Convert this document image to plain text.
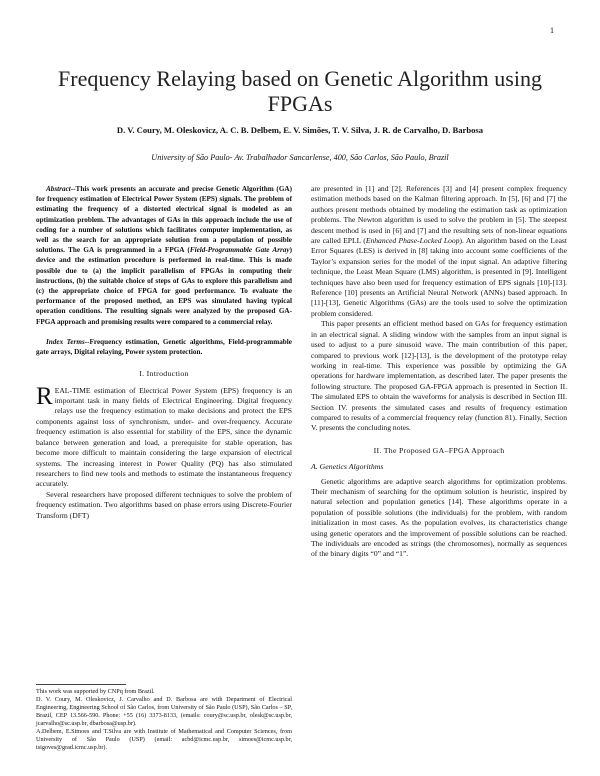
1
Frequency Relaying based on Genetic Algorithm using FPGAs
D. V. Coury, M. Oleskovicz, A. C. B. Delbem, E. V. Simões, T. V. Silva, J. R. de Carvalho, D. Barbosa
University of São Paulo- Av. Trabalhador Sancarlense, 400, São Carlos, São Paulo, Brazil

Abstract--This work presents an accurate and precise Genetic Algorithm (GA) for frequency estimation of Electrical Power System (EPS) signals. The problem of estimating the frequency of a distorted electrical signal is modeled as an optimization problem. The advantages of GAs in this approach include the use of coding for a number of solutions which facilitates computer implementation, as well as the search for an appropriate solution from a population of possible solutions. The GA is programmed in a FPGA (Field-Programmable Gate Array) device and the estimation procedure is performed in real-time. This is made possible due to (a) the implicit parallelism of FPGAs in computing their instructions, (b) the suitable choice of steps of GAs to explore this parallelism and (c) the appropriate choice of FPGA for good performance. To evaluate the performance of the proposed method, an EPS was simulated having typical operation conditions. The resulting signals were analyzed by the proposed GA-FPGA approach and promising results were compared to a commercial relay.

Index Terms--Frequency estimation, Genetic algorithms, Field-programmable gate arrays, Digital relaying, Power system protection.

I. Introduction

REAL-TIME estimation of Electrical Power System (EPS) frequency is an important task in many fields of Electrical Engineering. Digital frequency relays use the frequency estimation to make decisions and protect the EPS components against loss of synchronism, under- and over-frequency. Accurate frequency estimation is also essential for stability of the EPS, since the dynamic balance between generation and load, a prerequisite for stable operation, has become more difficult to maintain considering the large expansion of electrical systems. The increasing interest in Power Quality (PQ) has also stimulated researchers to find new tools and methods to estimate the instantaneous frequency accurately.

Several researchers have proposed different techniques to solve the problem of frequency estimation. Two algorithms based on phase errors using Discrete-Fourier Transform (DFT)

are presented in [1] and [2]. References [3] and [4] present complex frequency estimation methods based on the Kalman filtering approach. In [5], [6] and [7] the authors present methods obtained by modeling the estimation task as optimization problems. The Newton algorithm is used to solve the problem in [5]. The steepest descent method is used in [6] and [7] and the resulting sets of non-linear equations are called EPLL (Enhanced Phase-Locked Loop). An algorithm based on the Least Error Squares (LES) is derived in [8] taking into account some coefficients of the Taylor’s expansion series for the model of the input signal. An adaptive filtering technique, the Least Mean Square (LMS) algorithm, is presented in [9]. Intelligent techniques have also been used for frequency estimation of EPS signals [10]-[13]. Reference [10] presents an Artificial Neural Network (ANNs) based approach. In [11]-[13], Genetic Algorithms (GAs) are the tools used to solve the optimization problem considered.

This paper presents an efficient method based on GAs for frequency estimation in an electrical signal. A sliding window with the samples from an input signal is used to adjust to a pure sinusoid wave. The main contribution of this paper, compared to previous work [12]-[13], is the development of the prototype relay working in real-time. This experience was possible by optimizing the GA operations for hardware implementation, as described later. The paper presents the following structure. The proposed GA-FPGA approach is presented in Section II. The simulated EPS to obtain the waveforms for analysis is described in Section III. Section IV. presents the simulated cases and results of frequency estimation compared to results of a commercial frequency relay (function 81). Finally, Section V. presents the concluding notes.

II. The Proposed GA–FPGA Approach
A. Genetics Algorithms

Genetic algorithms are adaptive search algorithms for optimization problems. Their mechanism of searching for the optimum solution is heuristic, inspired by natural selection and population genetics [14]. These algorithms operate in a population of possible solutions (the individuals) for the problem, with random initialization in most cases. As the population evolves, its characteristics change using genetic operators and the improvement of possible solutions can be reached. The individuals are encoded as strings (the chromosomes), normally as sequences of the binary digits “0” and “1”.

This work was supported by CNPq from Brazil.

D. V. Coury, M. Oleskovicz, J. Carvalho and D. Barbosa are with Department of Electrical Engineering, Engineering School of São Carlos, from University of São Paulo (USP), São Carlos – SP, Brazil, CEP 13.566-590. Phone: +55 (16) 3373-8133, (emails: coury@sc.usp.br, olesk@sc.usp.br, jcarvalho@sc.usp.br, dbarbosa@usp.br).

A.Delbem, E.Simoes and T.Silva are with Institute of Mathematical and Computer Sciences, from University of São Paulo (USP) (email: acbd@icmc.usp.br, simoes@icmc.usp.br, tsigoves@grad.icmc.usp.br).
